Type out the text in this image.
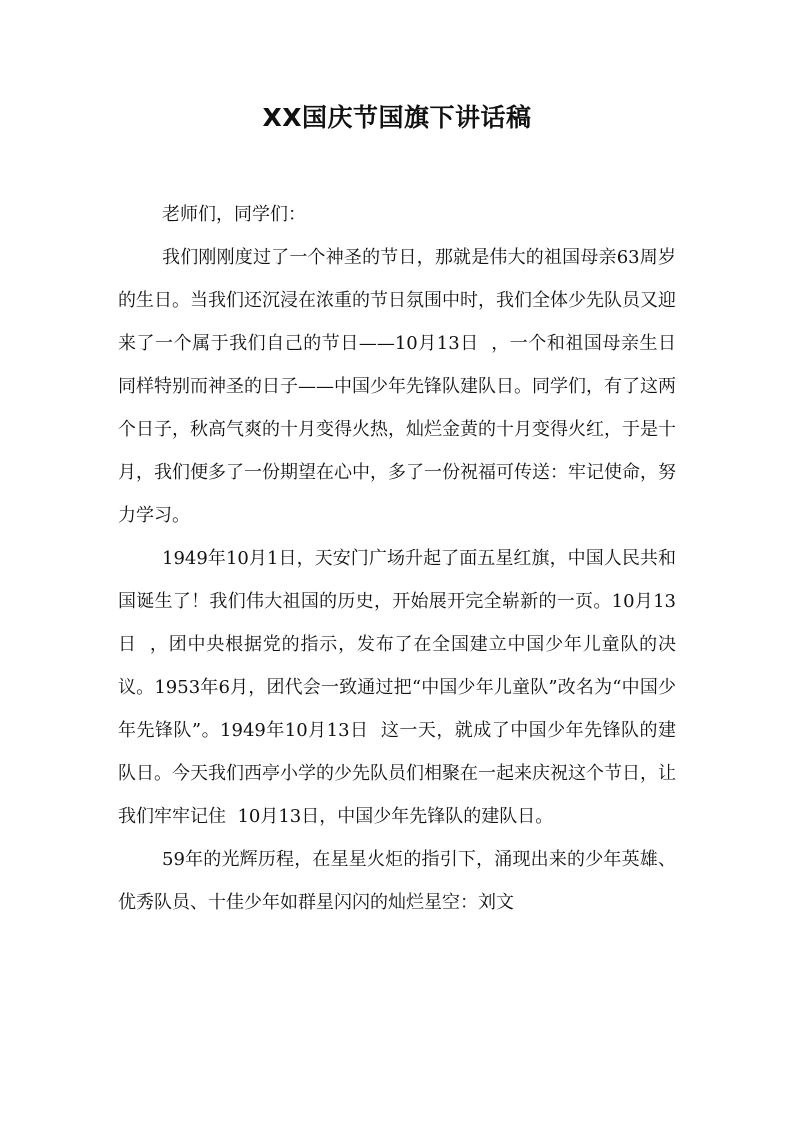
XX国庆节国旗下讲话稿

老师们，同学们：

我们刚刚度过了一个神圣的节日，那就是伟大的祖国母亲63周岁的生日。当我们还沉浸在浓重的节日氛围中时，我们全体少先队员又迎来了一个属于我们自己的节日——10月13日  ，一个和祖国母亲生日同样特别而神圣的日子——中国少年先锋队建队日。同学们，有了这两个日子，秋高气爽的十月变得火热，灿烂金黄的十月变得火红，于是十月，我们便多了一份期望在心中，多了一份祝福可传送：牢记使命，努力学习。

1949年10月1日，天安门广场升起了面五星红旗，中国人民共和国诞生了！我们伟大祖国的历史，开始展开完全崭新的一页。10月13日  ，团中央根据党的指示，发布了在全国建立中国少年儿童队的决议。1953年6月，团代会一致通过把“中国少年儿童队”改名为“中国少年先锋队”。1949年10月13日  这一天，就成了中国少年先锋队的建队日。今天我们西亭小学的少先队员们相聚在一起来庆祝这个节日，让我们牢牢记住  10月13日，中国少年先锋队的建队日。

59年的光辉历程，在星星火炬的指引下，涌现出来的少年英雄、优秀队员、十佳少年如群星闪闪的灿烂星空：刘文
